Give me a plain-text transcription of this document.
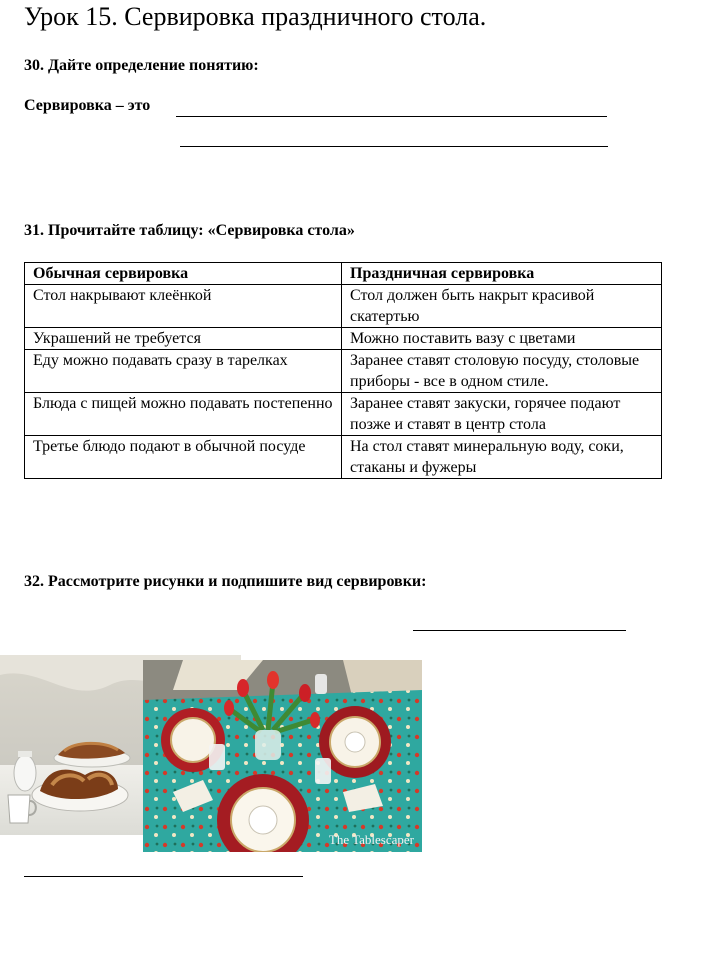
Урок 15. Сервировка праздничного стола.

30. Дайте определение понятию:

Сервировка – это

31. Прочитайте таблицу: «Сервировка стола»

Обычная сервировка	Праздничная сервировка
Стол накрывают клеёнкой	Стол должен быть накрыт красивой скатертью
Украшений не требуется	Можно поставить вазу с цветами
Еду можно подавать сразу в тарелках	Заранее ставят столовую посуду, столовые приборы - все в одном стиле.
Блюда с пищей можно подавать постепенно	Заранее ставят закуски, горячее подают позже и ставят в центр стола
Третье блюдо подают в обычной посуде	На стол ставят минеральную воду, соки, стаканы и фужеры

32. Рассмотрите рисунки и подпишите вид сервировки:

The Tablescaper
